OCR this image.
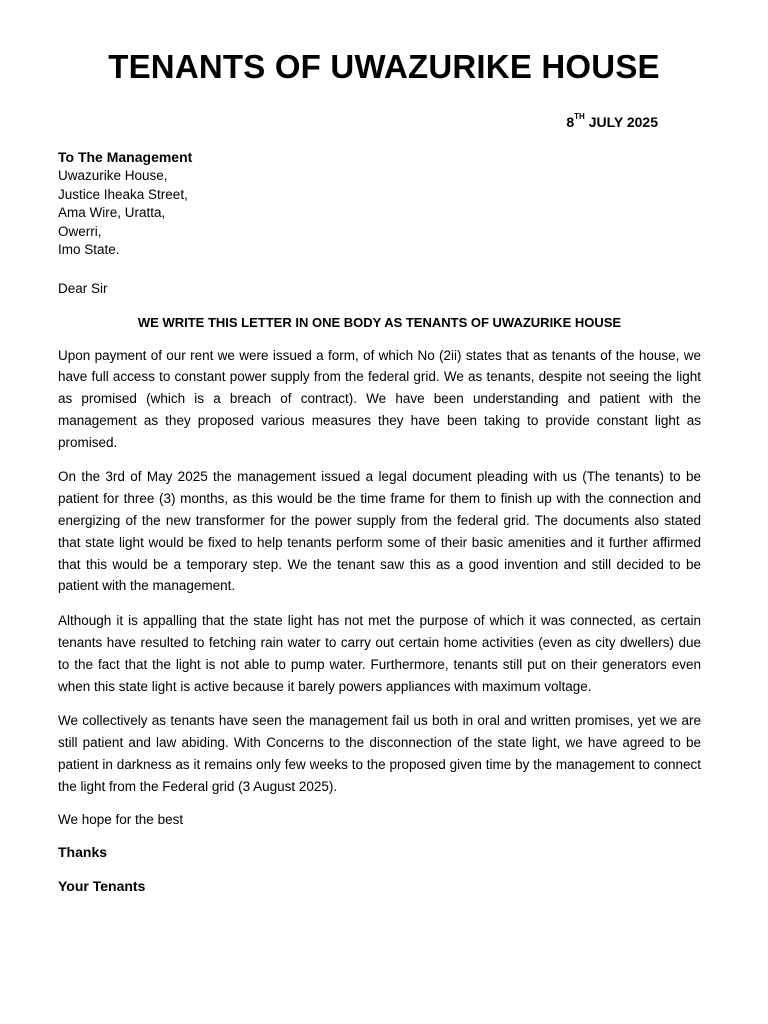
TENANTS OF UWAZURIKE HOUSE
8TH JULY 2025

To The Management

Uwazurike House,

Justice Iheaka Street,

Ama Wire, Uratta,

Owerri,

Imo State.

Dear Sir

WE WRITE THIS LETTER IN ONE BODY AS TENANTS OF UWAZURIKE HOUSE

Upon payment of our rent we were issued a form, of which No (2ii) states that as tenants of the house, we have full access to constant power supply from the federal grid. We as tenants, despite not seeing the light as promised (which is a breach of contract). We have been understanding and patient with the management as they proposed various measures they have been taking to provide constant light as promised.

On the 3rd of May 2025 the management issued a legal document pleading with us (The tenants) to be patient for three (3) months, as this would be the time frame for them to finish up with the connection and energizing of the new transformer for the power supply from the federal grid. The documents also stated that state light would be fixed to help tenants perform some of their basic amenities and it further affirmed that this would be a temporary step. We the tenant saw this as a good invention and still decided to be patient with the management.

Although it is appalling that the state light has not met the purpose of which it was connected, as certain tenants have resulted to fetching rain water to carry out certain home activities (even as city dwellers) due to the fact that the light is not able to pump water. Furthermore, tenants still put on their generators even when this state light is active because it barely powers appliances with maximum voltage.

We collectively as tenants have seen the management fail us both in oral and written promises, yet we are still patient and law abiding. With Concerns to the disconnection of the state light, we have agreed to be patient in darkness as it remains only few weeks to the proposed given time by the management to connect the light from the Federal grid (3 August 2025).

We hope for the best

Thanks

Your Tenants
